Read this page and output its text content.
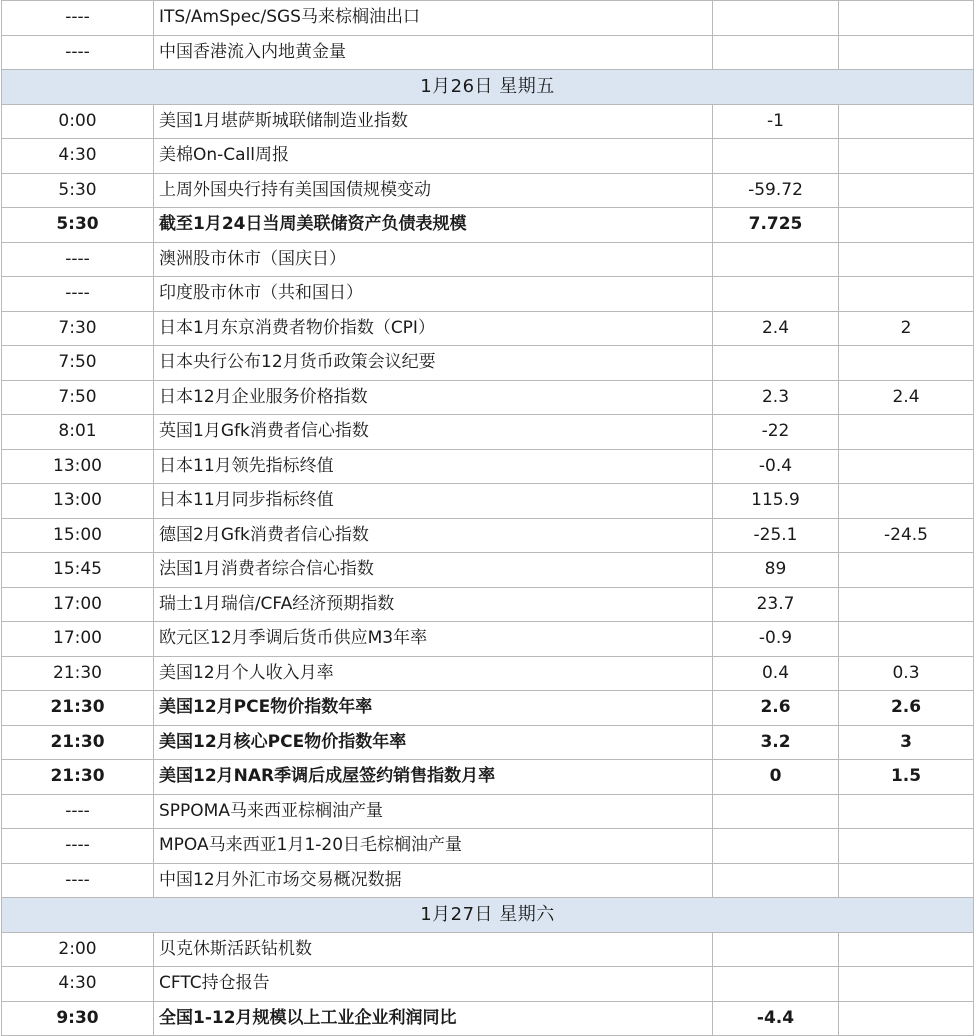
----	ITS/AmSpec/SGS马来棕榈油出口		
----	中国香港流入内地黄金量		
1月26日 星期五			
0:00	美国1月堪萨斯城联储制造业指数	-1	
4:30	美棉On-Call周报		
5:30	上周外国央行持有美国国债规模变动	-59.72	
5:30	截至1月24日当周美联储资产负债表规模	7.725	
----	澳洲股市休市（国庆日）		
----	印度股市休市（共和国日）		
7:30	日本1月东京消费者物价指数（CPI）	2.4	2
7:50	日本央行公布12月货币政策会议纪要		
7:50	日本12月企业服务价格指数	2.3	2.4
8:01	英国1月Gfk消费者信心指数	-22	
13:00	日本11月领先指标终值	-0.4	
13:00	日本11月同步指标终值	115.9	
15:00	德国2月Gfk消费者信心指数	-25.1	-24.5
15:45	法国1月消费者综合信心指数	89	
17:00	瑞士1月瑞信/CFA经济预期指数	23.7	
17:00	欧元区12月季调后货币供应M3年率	-0.9	
21:30	美国12月个人收入月率	0.4	0.3
21:30	美国12月PCE物价指数年率	2.6	2.6
21:30	美国12月核心PCE物价指数年率	3.2	3
21:30	美国12月NAR季调后成屋签约销售指数月率	0	1.5
----	SPPOMA马来西亚棕榈油产量		
----	MPOA马来西亚1月1-20日毛棕榈油产量		
----	中国12月外汇市场交易概况数据		
1月27日 星期六			
2:00	贝克休斯活跃钻机数		
4:30	CFTC持仓报告		
9:30	全国1-12月规模以上工业企业利润同比	-4.4	
